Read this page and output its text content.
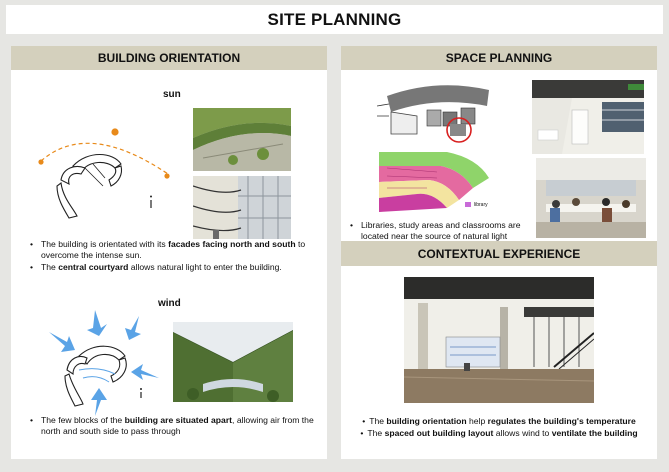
SITE PLANNING
BUILDING ORIENTATION
sun
• The building is orientated with its facades facing north and south to overcome the intense sun.
• The central courtyard allows natural light to enter the building.
wind
• The few blocks of the building are situated apart, allowing air from the north and south side to pass through
SPACE PLANNING
library
• Libraries, study areas and classrooms are located near the source of natural light
CONTEXTUAL EXPERIENCE
• The building orientation help regulates the building's temperature
• The spaced out building layout allows wind to ventilate the building
